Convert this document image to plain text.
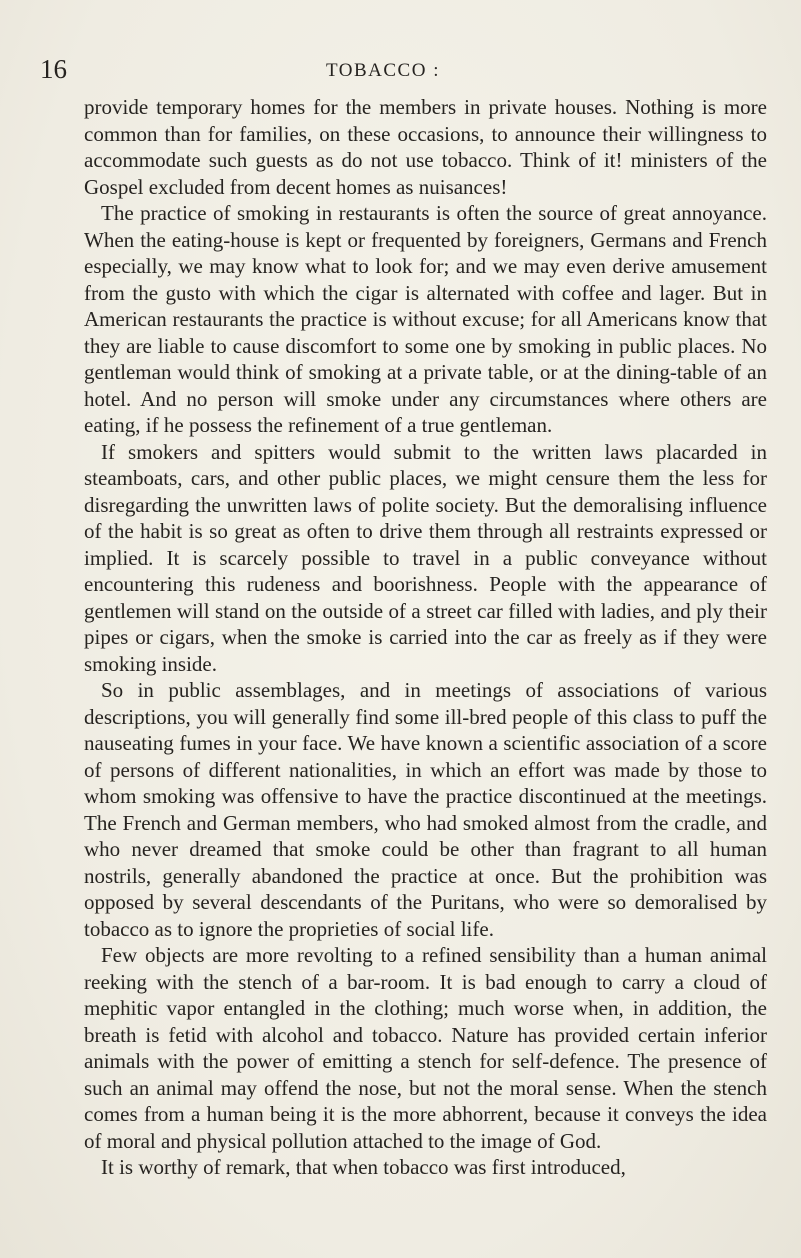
16	TOBACCO :

provide temporary homes for the members in private houses. Nothing is more common than for families, on these occasions, to announce their willingness to accommodate such guests as do not use tobacco. Think of it! ministers of the Gospel excluded from decent homes as nuisances!

The practice of smoking in restaurants is often the source of great annoyance. When the eating-house is kept or frequented by foreigners, Germans and French especially, we may know what to look for; and we may even derive amusement from the gusto with which the cigar is alternated with coffee and lager. But in American restaurants the practice is without excuse; for all Americans know that they are liable to cause discomfort to some one by smoking in public places. No gentleman would think of smoking at a private table, or at the dining-table of an hotel. And no person will smoke under any circumstances where others are eating, if he possess the refinement of a true gentleman.

If smokers and spitters would submit to the written laws placarded in steamboats, cars, and other public places, we might censure them the less for disregarding the unwritten laws of polite society. But the demoralising influence of the habit is so great as often to drive them through all restraints expressed or implied. It is scarcely possible to travel in a public conveyance without encountering this rudeness and boorishness. People with the appearance of gentlemen will stand on the outside of a street car filled with ladies, and ply their pipes or cigars, when the smoke is carried into the car as freely as if they were smoking inside.

So in public assemblages, and in meetings of associations of various descriptions, you will generally find some ill-bred people of this class to puff the nauseating fumes in your face. We have known a scientific association of a score of persons of different nationalities, in which an effort was made by those to whom smoking was offensive to have the practice discontinued at the meetings. The French and German members, who had smoked almost from the cradle, and who never dreamed that smoke could be other than fragrant to all human nostrils, generally abandoned the practice at once. But the prohibition was opposed by several descendants of the Puritans, who were so demoralised by tobacco as to ignore the proprieties of social life.

Few objects are more revolting to a refined sensibility than a human animal reeking with the stench of a bar-room. It is bad enough to carry a cloud of mephitic vapor entangled in the clothing; much worse when, in addition, the breath is fetid with alcohol and tobacco. Nature has provided certain inferior animals with the power of emitting a stench for self-defence. The presence of such an animal may offend the nose, but not the moral sense. When the stench comes from a human being it is the more abhorrent, because it conveys the idea of moral and physical pollution attached to the image of God.

It is worthy of remark, that when tobacco was first introduced,
